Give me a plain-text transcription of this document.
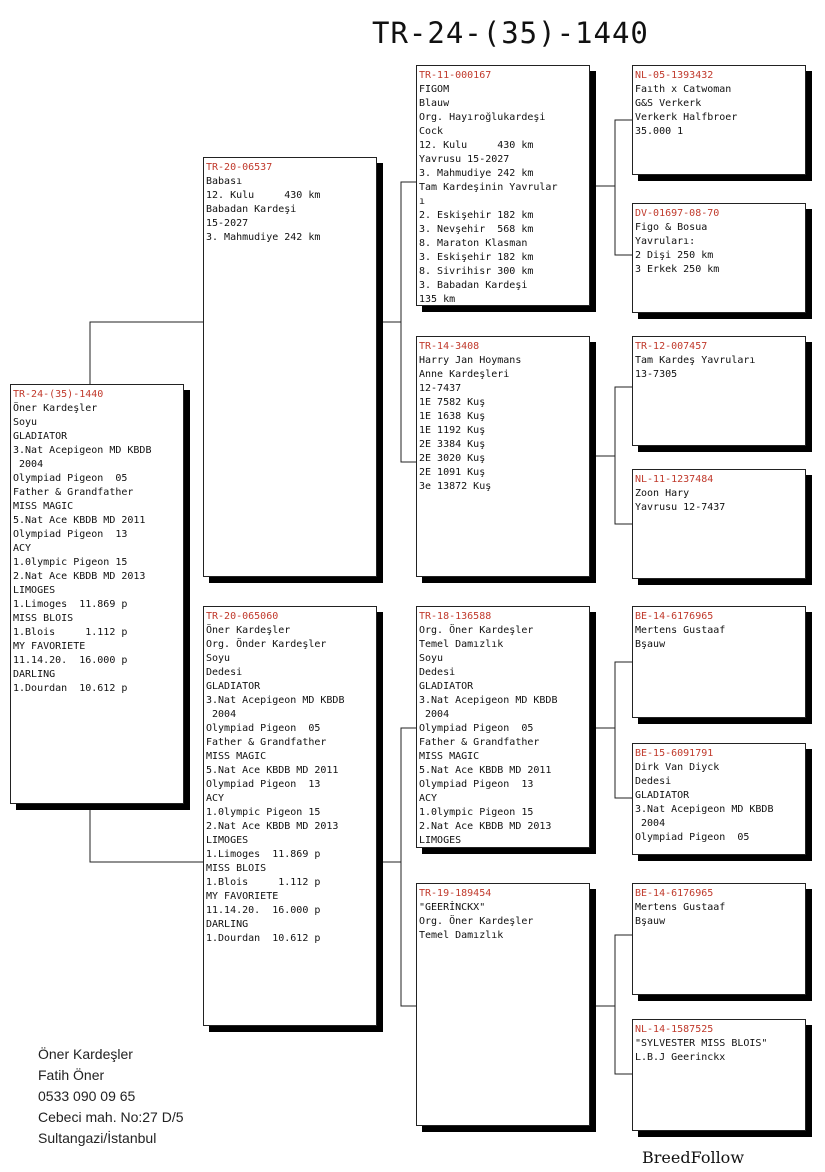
TR-24-(35)-1440
TR-24-(35)-1440
Öner Kardeşler
Soyu
GLADIATOR
3.Nat Acepigeon MD KBDB
2004
Olympiad Pigeon  05
Father & Grandfather
MISS MAGIC
5.Nat Ace KBDB MD 2011
Olympiad Pigeon  13
ACY
1.0lympic Pigeon 15
2.Nat Ace KBDB MD 2013
LIMOGES
1.Limoges  11.869 p
MISS BLOIS
1.Blois     1.112 p
MY FAVORIETE
11.14.20.  16.000 p
DARLING
1.Dourdan  10.612 p
TR-20-06537
Babası
12. Kulu     430 km
Babadan Kardeşi
15-2027
3. Mahmudiye 242 km
TR-20-065060
Öner Kardeşler
Org. Önder Kardeşler
Soyu
Dedesi
GLADIATOR
3.Nat Acepigeon MD KBDB
2004
Olympiad Pigeon  05
Father & Grandfather
MISS MAGIC
5.Nat Ace KBDB MD 2011
Olympiad Pigeon  13
ACY
1.0lympic Pigeon 15
2.Nat Ace KBDB MD 2013
LIMOGES
1.Limoges  11.869 p
MISS BLOIS
1.Blois     1.112 p
MY FAVORIETE
11.14.20.  16.000 p
DARLING
1.Dourdan  10.612 p
TR-11-000167
FIGOM
Blauw
Org. Hayıroğlukardeşi
Cock
12. Kulu     430 km
Yavrusu 15-2027
3. Mahmudiye 242 km
Tam Kardeşinin Yavrular
ı
2. Eskişehir 182 km
3. Nevşehir  568 km
8. Maraton Klasman
3. Eskişehir 182 km
8. Sivrihisr 300 km
3. Babadan Kardeşi
135 km
TR-14-3408
Harry Jan Hoymans
Anne Kardeşleri
12-7437
1E 7582 Kuş
1E 1638 Kuş
1E 1192 Kuş
2E 3384 Kuş
2E 3020 Kuş
2E 1091 Kuş
3e 13872 Kuş
TR-18-136588
Org. Öner Kardeşler
Temel Damızlık
Soyu
Dedesi
GLADIATOR
3.Nat Acepigeon MD KBDB
2004
Olympiad Pigeon  05
Father & Grandfather
MISS MAGIC
5.Nat Ace KBDB MD 2011
Olympiad Pigeon  13
ACY
1.0lympic Pigeon 15
2.Nat Ace KBDB MD 2013
LIMOGES
TR-19-189454
"GEERİNCKX"
Org. Öner Kardeşler
Temel Damızlık
NL-05-1393432
Faıth x Catwoman
G&S Verkerk
Verkerk Halfbroer
35.000 1
DV-01697-08-70
Figo & Bosua
Yavruları:
2 Dişi 250 km
3 Erkek 250 km
TR-12-007457
Tam Kardeş Yavruları
13-7305
NL-11-1237484
Zoon Hary
Yavrusu 12-7437
BE-14-6176965
Mertens Gustaaf
Bşauw
BE-15-6091791
Dirk Van Diyck
Dedesi
GLADIATOR
3.Nat Acepigeon MD KBDB
2004
Olympiad Pigeon  05
BE-14-6176965
Mertens Gustaaf
Bşauw
NL-14-1587525
"SYLVESTER MISS BLOIS"
L.B.J Geerinckx
Öner Kardeşler
Fatih Öner
0533 090 09 65
Cebeci mah. No:27 D/5
Sultangazi/İstanbul
BreedFollow
